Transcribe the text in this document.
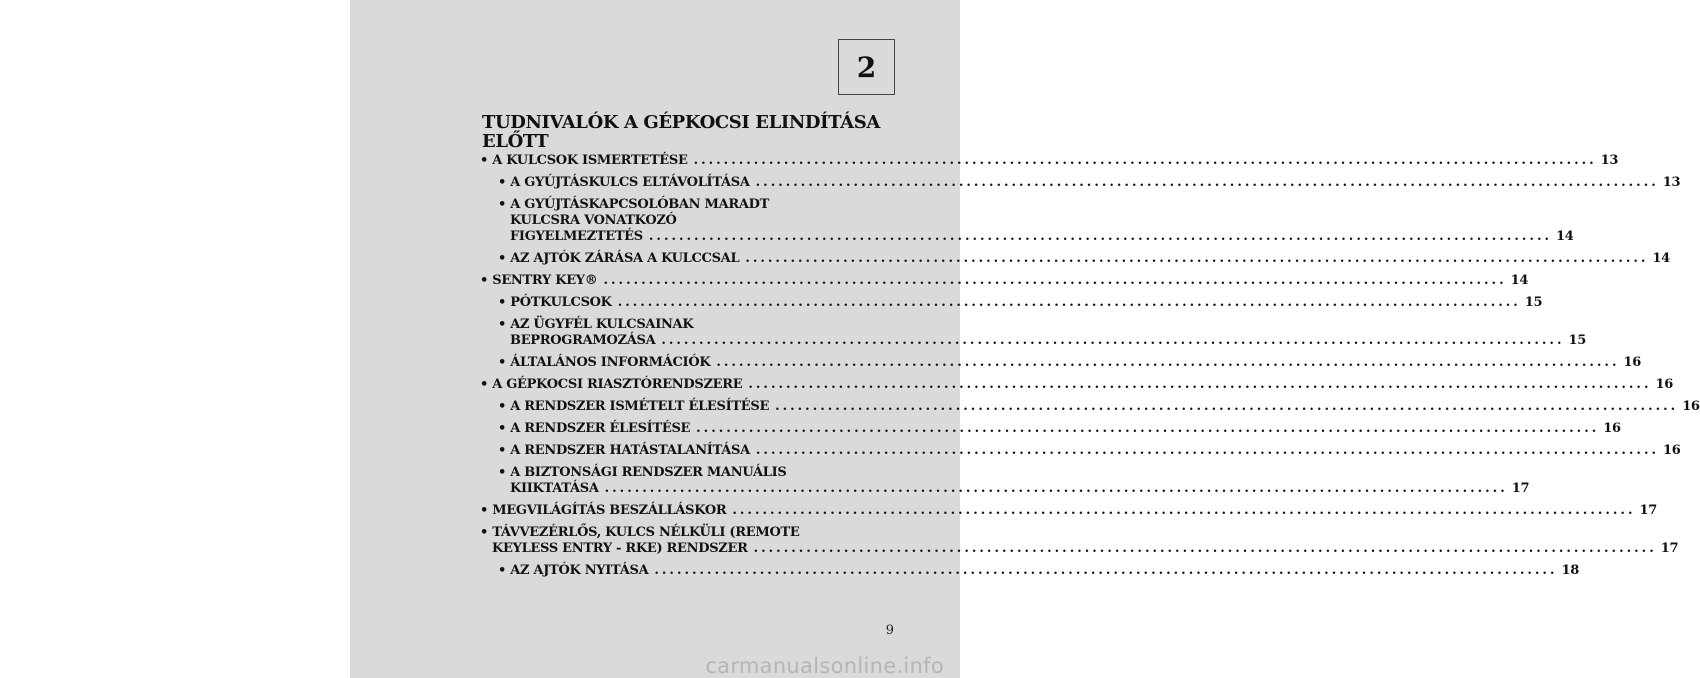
2
TUDNIVALÓK A GÉPKOCSI ELINDÍTÁSA ELŐTT
• A KULCSOK ISMERTETÉSE ........................................................................................................................ 13
• A GYÚJTÁSKULCS ELTÁVOLÍTÁSA ........................................................................................................................ 13
• A GYÚJTÁSKAPCSOLÓBAN MARADT
KULCSRA VONATKOZÓ
FIGYELMEZTETÉS ........................................................................................................................ 14
• AZ AJTÓK ZÁRÁSA A KULCCSAL ........................................................................................................................ 14
• SENTRY KEY® ........................................................................................................................ 14
• PÓTKULCSOK ........................................................................................................................ 15
• AZ ÜGYFÉL KULCSAINAK
BEPROGRAMOZÁSA ........................................................................................................................ 15
• ÁLTALÁNOS INFORMÁCIÓK ........................................................................................................................ 16
• A GÉPKOCSI RIASZTÓRENDSZERE ........................................................................................................................ 16
• A RENDSZER ISMÉTELT ÉLESÍTÉSE ........................................................................................................................ 16
• A RENDSZER ÉLESÍTÉSE ........................................................................................................................ 16
• A RENDSZER HATÁSTALANÍTÁSA ........................................................................................................................ 16
• A BIZTONSÁGI RENDSZER MANUÁLIS
KIIKTATÁSA ........................................................................................................................ 17
• MEGVILÁGÍTÁS BESZÁLLÁSKOR ........................................................................................................................ 17
• TÁVVEZÉRLŐS, KULCS NÉLKÜLI (REMOTE
KEYLESS ENTRY - RKE) RENDSZER ........................................................................................................................ 17
• AZ AJTÓK NYITÁSA ........................................................................................................................ 18
9
carmanualsonline.info
